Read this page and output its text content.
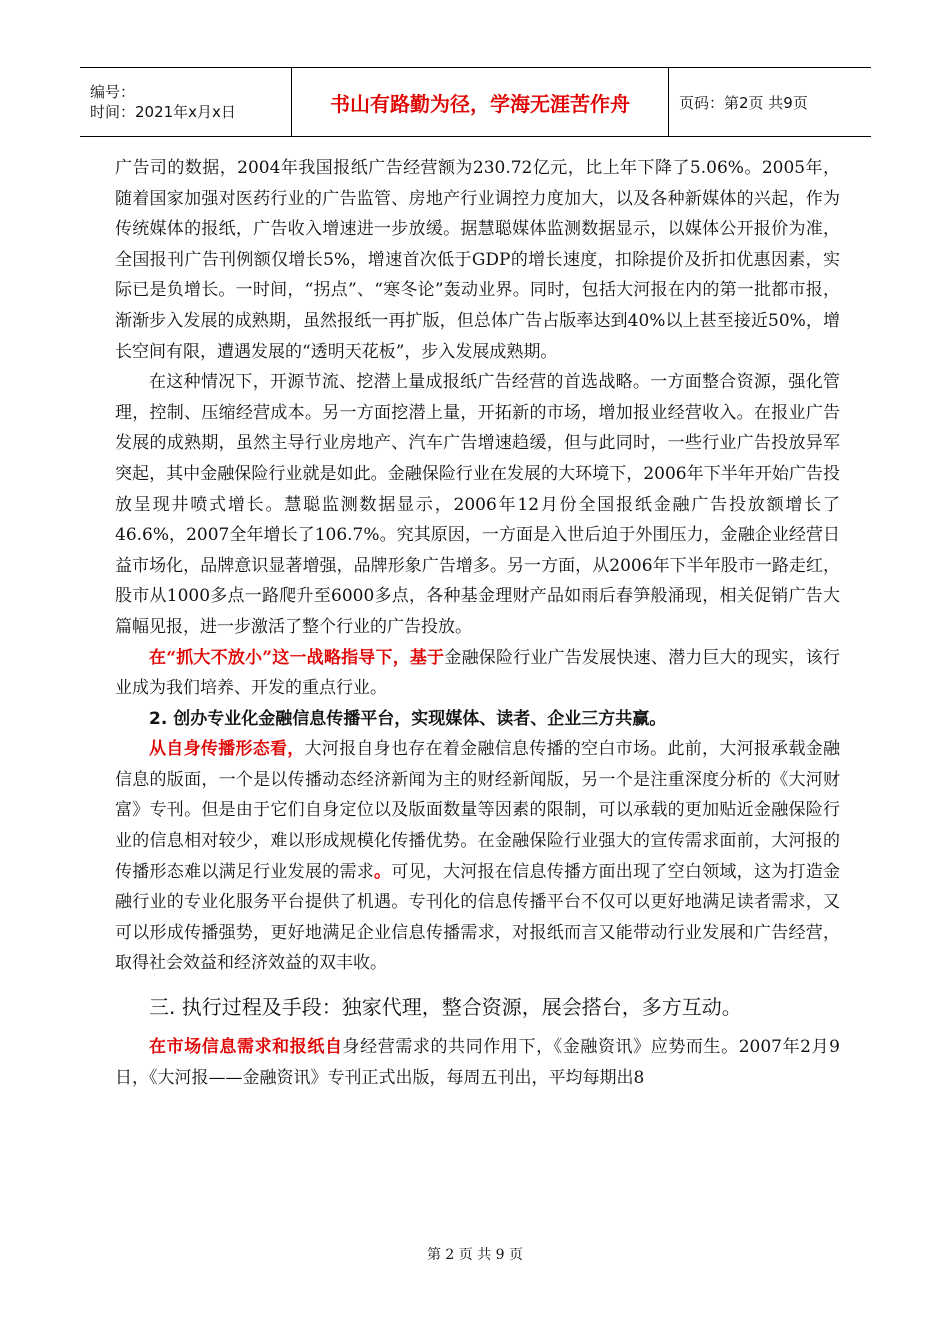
编号：
时间：2021年x月x日	书山有路勤为径，学海无涯苦作舟	页码：第2页 共9页

广告司的数据，2004年我国报纸广告经营额为230.72亿元，比上年下降了5.06%。2005年，随着国家加强对医药行业的广告监管、房地产行业调控力度加大，以及各种新媒体的兴起，作为传统媒体的报纸，广告收入增速进一步放缓。据慧聪媒体监测数据显示，以媒体公开报价为准，全国报刊广告刊例额仅增长5%，增速首次低于GDP的增长速度，扣除提价及折扣优惠因素，实际已是负增长。一时间，“拐点”、“寒冬论”轰动业界。同时，包括大河报在内的第一批都市报，渐渐步入发展的成熟期，虽然报纸一再扩版，但总体广告占版率达到40%以上甚至接近50%，增长空间有限，遭遇发展的“透明天花板”，步入发展成熟期。

在这种情况下，开源节流、挖潜上量成报纸广告经营的首选战略。一方面整合资源，强化管理，控制、压缩经营成本。另一方面挖潜上量，开拓新的市场，增加报业经营收入。在报业广告发展的成熟期，虽然主导行业房地产、汽车广告增速趋缓，但与此同时，一些行业广告投放异军突起，其中金融保险行业就是如此。金融保险行业在发展的大环境下，2006年下半年开始广告投放呈现井喷式增长。慧聪监测数据显示，2006年12月份全国报纸金融广告投放额增长了46.6%，2007全年增长了106.7%。究其原因，一方面是入世后迫于外围压力，金融企业经营日益市场化，品牌意识显著增强，品牌形象广告增多。另一方面，从2006年下半年股市一路走红，股市从1000多点一路爬升至6000多点，各种基金理财产品如雨后春笋般涌现，相关促销广告大篇幅见报，进一步激活了整个行业的广告投放。

在“抓大不放小”这一战略指导下，基于金融保险行业广告发展快速、潜力巨大的现实，该行业成为我们培养、开发的重点行业。

2. 创办专业化金融信息传播平台，实现媒体、读者、企业三方共赢。

从自身传播形态看，大河报自身也存在着金融信息传播的空白市场。此前，大河报承载金融信息的版面，一个是以传播动态经济新闻为主的财经新闻版，另一个是注重深度分析的《大河财富》专刊。但是由于它们自身定位以及版面数量等因素的限制，可以承载的更加贴近金融保险行业的信息相对较少，难以形成规模化传播优势。在金融保险行业强大的宣传需求面前，大河报的传播形态难以满足行业发展的需求。可见，大河报在信息传播方面出现了空白领域，这为打造金融行业的专业化服务平台提供了机遇。专刊化的信息传播平台不仅可以更好地满足读者需求，又可以形成传播强势，更好地满足企业信息传播需求，对报纸而言又能带动行业发展和广告经营，取得社会效益和经济效益的双丰收。

三. 执行过程及手段：独家代理，整合资源，展会搭台，多方互动。

在市场信息需求和报纸自身经营需求的共同作用下，《金融资讯》应势而生。2007年2月9日，《大河报——金融资讯》专刊正式出版，每周五刊出，平均每期出8

第 2 页 共 9 页
